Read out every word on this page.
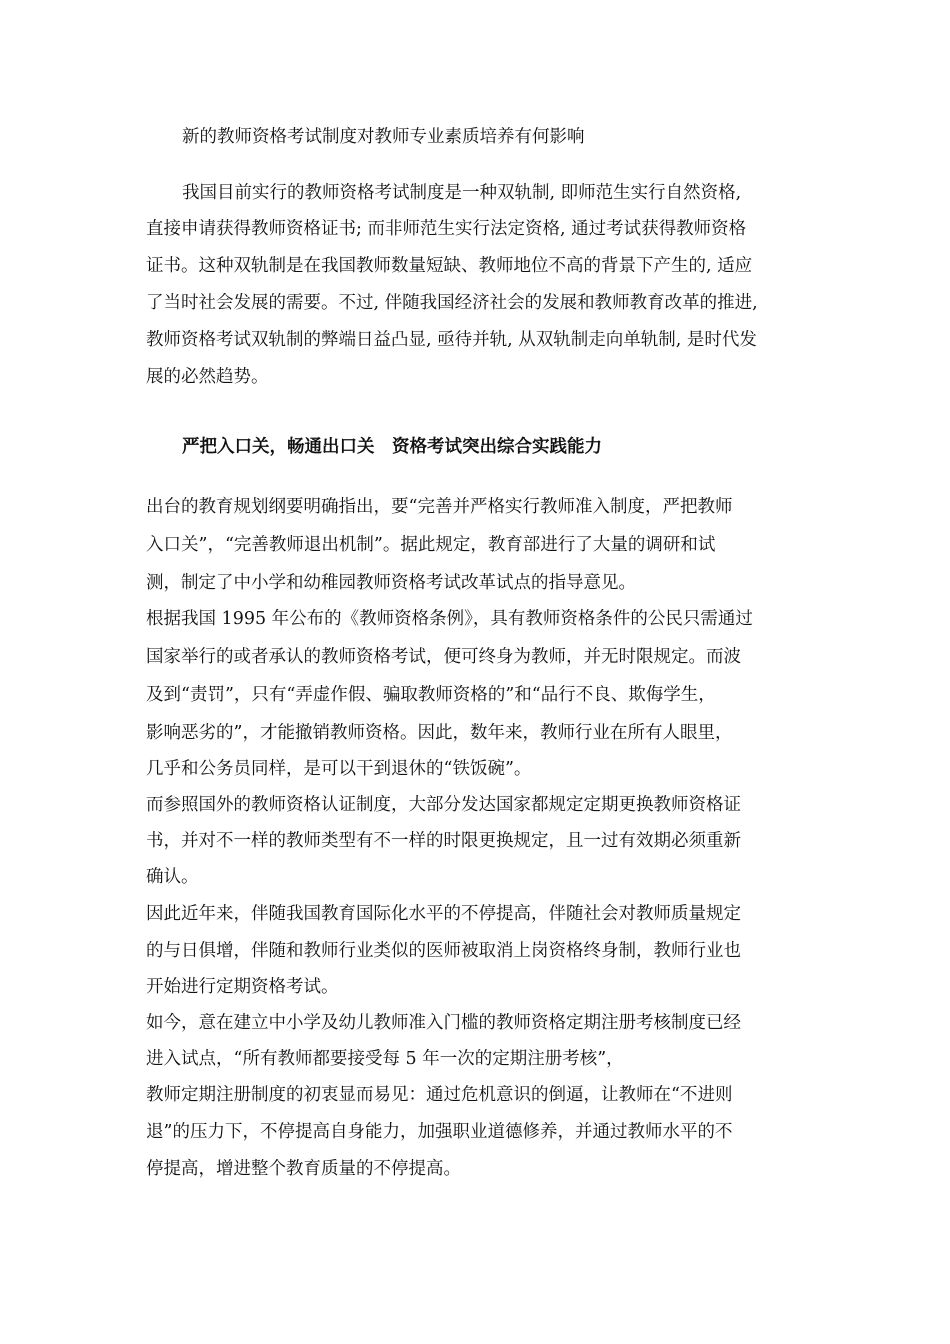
新的教师资格考试制度对教师专业素质培养有何影响
我国目前实行的教师资格考试制度是一种双轨制, 即师范生实行自然资格,
直接申请获得教师资格证书; 而非师范生实行法定资格, 通过考试获得教师资格
证书。这种双轨制是在我国教师数量短缺、教师地位不高的背景下产生的, 适应
了当时社会发展的需要。不过, 伴随我国经济社会的发展和教师教育改革的推进,
教师资格考试双轨制的弊端日益凸显, 亟待并轨, 从双轨制走向单轨制, 是时代发
展的必然趋势。
严把入口关，畅通出口关　资格考试突出综合实践能力
出台的教育规划纲要明确指出，要“完善并严格实行教师准入制度，严把教师
入口关”，“完善教师退出机制”。据此规定，教育部进行了大量的调研和试
测，制定了中小学和幼稚园教师资格考试改革试点的指导意见。
根据我国 1995 年公布的《教师资格条例》，具有教师资格条件的公民只需通过
国家举行的或者承认的教师资格考试，便可终身为教师，并无时限规定。而波
及到“责罚”，只有“弄虚作假、骗取教师资格的”和“品行不良、欺侮学生，
影响恶劣的”，才能撤销教师资格。因此，数年来，教师行业在所有人眼里，
几乎和公务员同样，是可以干到退休的“铁饭碗”。
而参照国外的教师资格认证制度，大部分发达国家都规定定期更换教师资格证
书，并对不一样的教师类型有不一样的时限更换规定，且一过有效期必须重新
确认。
因此近年来，伴随我国教育国际化水平的不停提高，伴随社会对教师质量规定
的与日俱增，伴随和教师行业类似的医师被取消上岗资格终身制，教师行业也
开始进行定期资格考试。
如今，意在建立中小学及幼儿教师准入门槛的教师资格定期注册考核制度已经
进入试点，“所有教师都要接受每 5 年一次的定期注册考核”，
教师定期注册制度的初衷显而易见：通过危机意识的倒逼，让教师在“不进则
退”的压力下，不停提高自身能力，加强职业道德修养，并通过教师水平的不
停提高，增进整个教育质量的不停提高。
